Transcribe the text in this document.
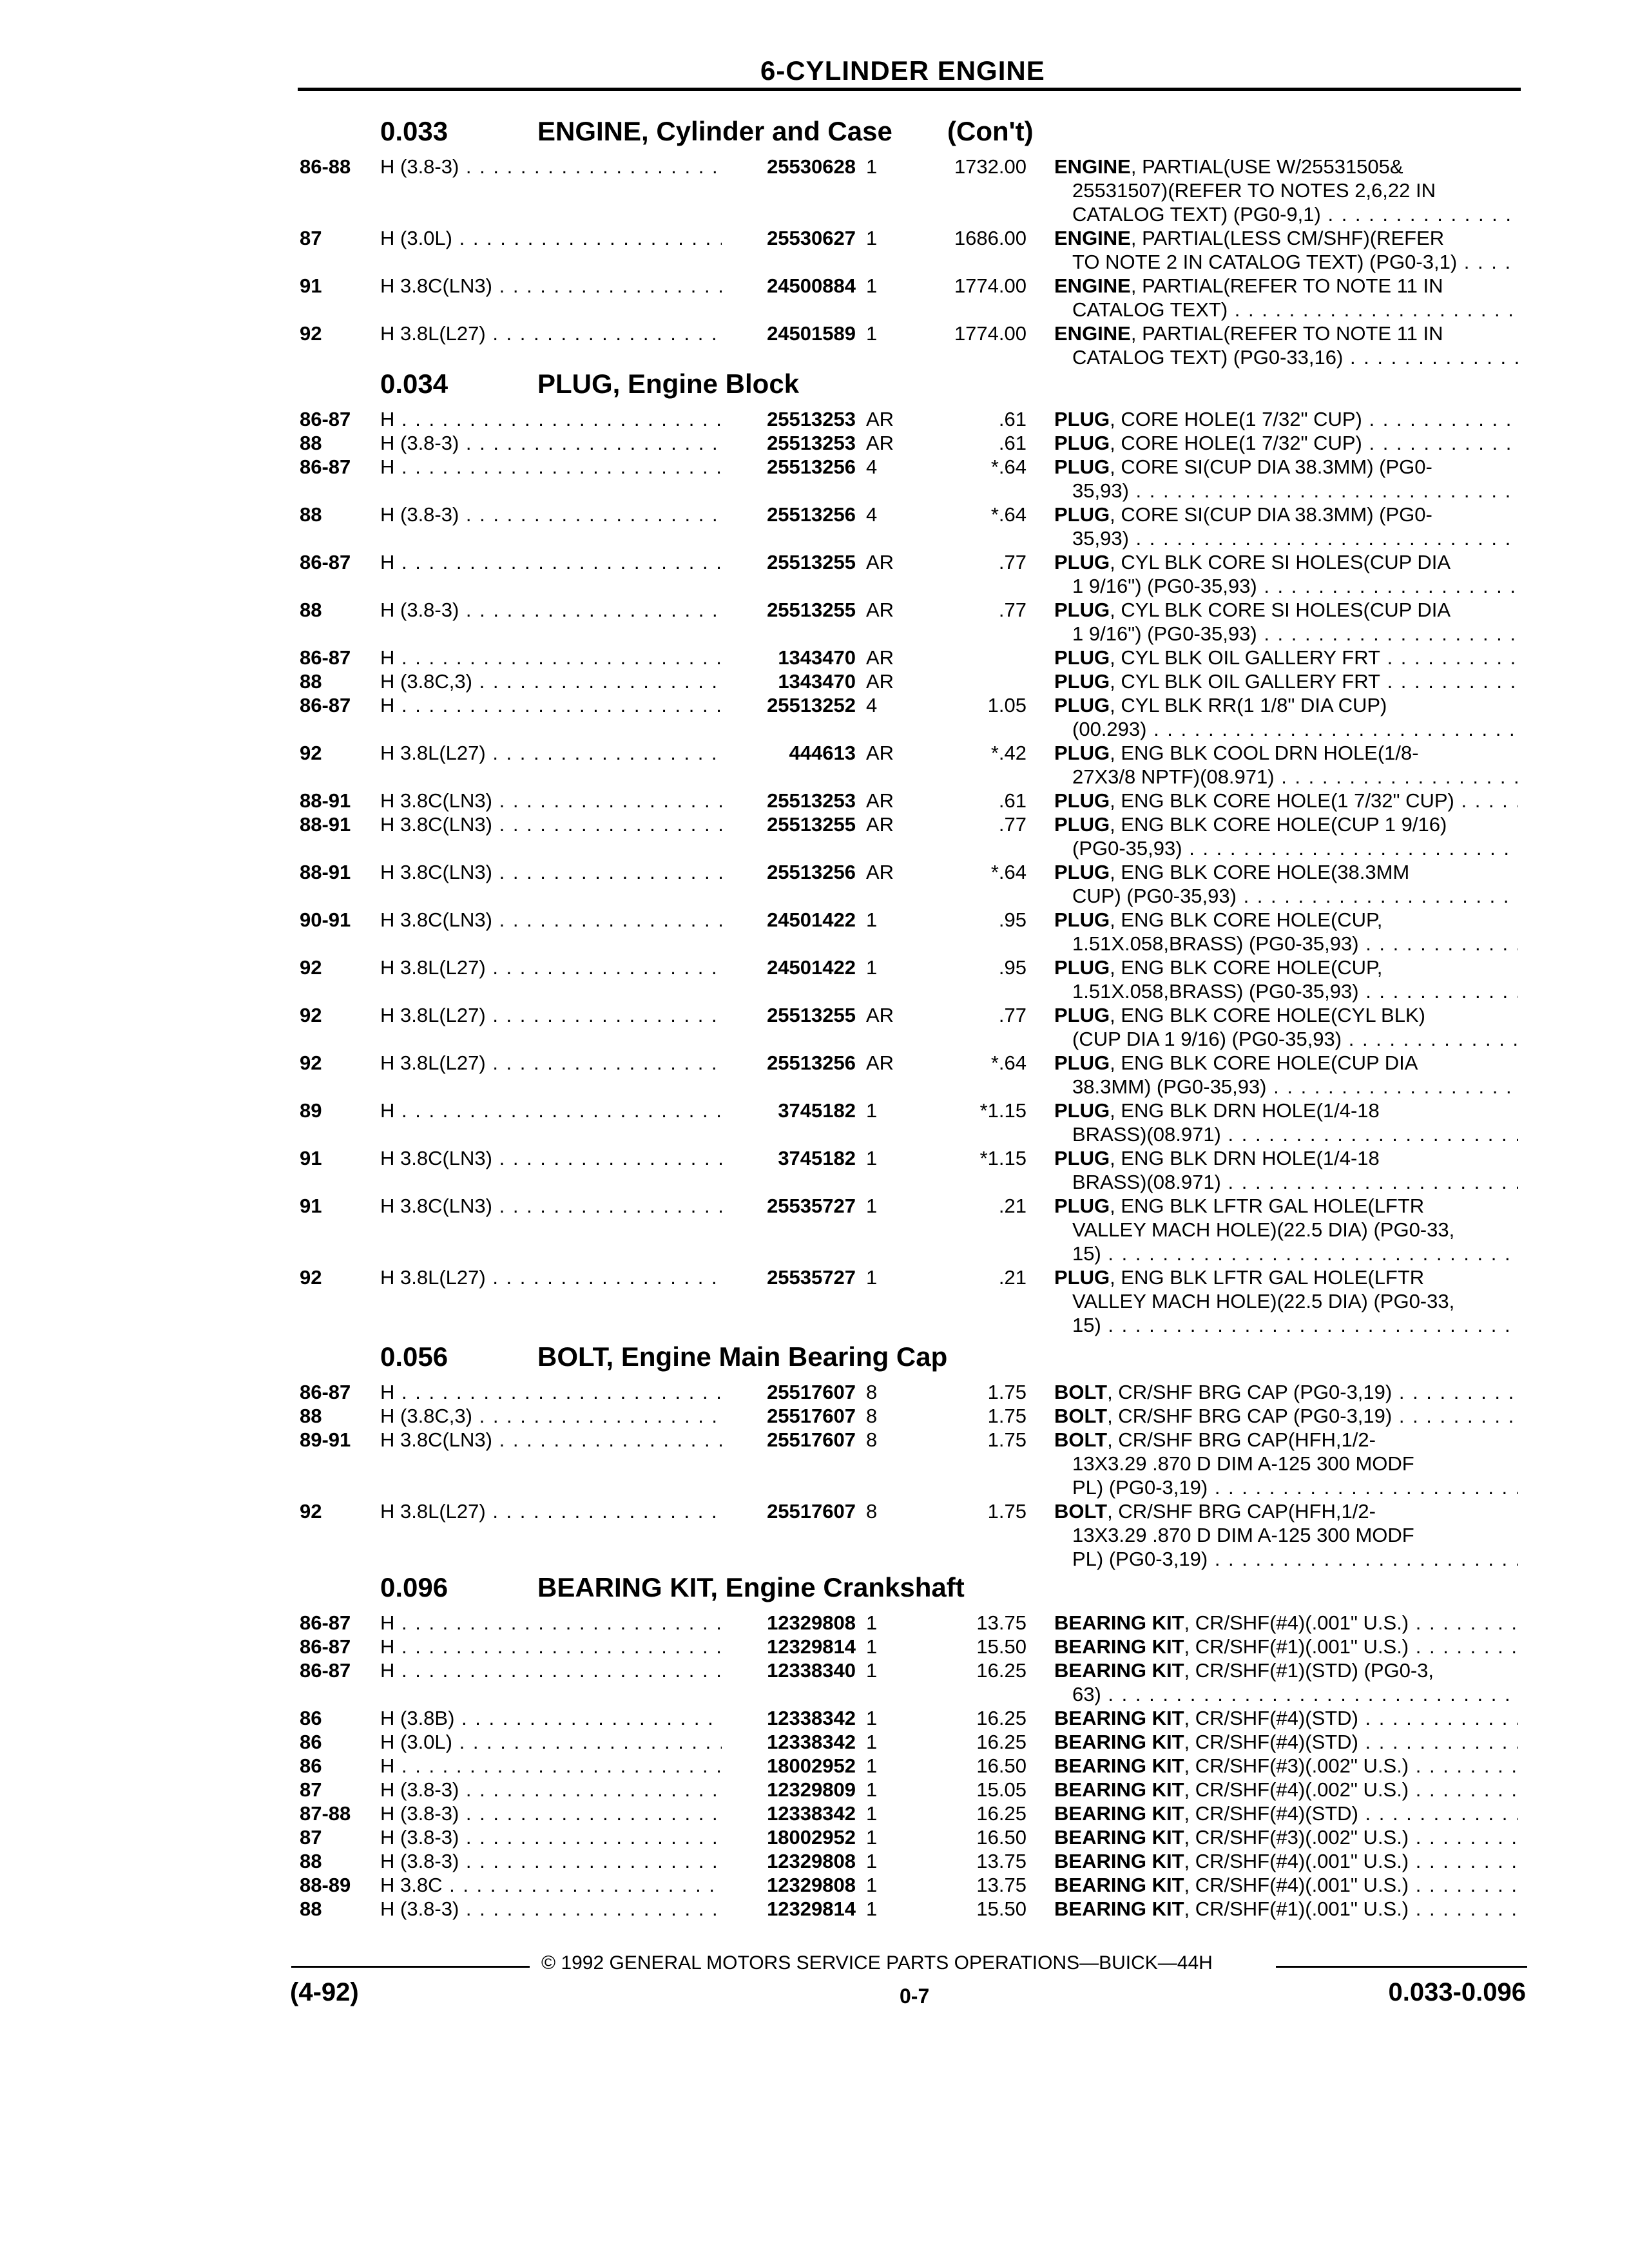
6-CYLINDER ENGINE
0.033	ENGINE, Cylinder and Case (Con't)
86-88 H (3.8-3) . . .	25530628 1	1732.00 ENGINE, PARTIAL(USE W/25531505&
25531507)(REFER TO NOTES 2,6,22 IN
CATALOG TEXT) (PG0-9,1) . . .
87	H (3.0L) . . .	25530627 1	1686.00 ENGINE, PARTIAL(LESS CM/SHF)(REFER
TO NOTE 2 IN CATALOG TEXT) (PG0-3,1) . . .
91	H 3.8C(LN3) . . .	24500884 1	1774.00 ENGINE, PARTIAL(REFER TO NOTE 11 IN
CATALOG TEXT) . . .
92	H 3.8L(L27) . . .	24501589 1	1774.00 ENGINE, PARTIAL(REFER TO NOTE 11 IN
CATALOG TEXT) (PG0-33,16) . . .
0.034	PLUG, Engine Block
86-87 H . . .	25513253 AR	.61 PLUG, CORE HOLE(1 7/32" CUP) . . .
88	H (3.8-3) . . .	25513253 AR	.61 PLUG, CORE HOLE(1 7/32" CUP) . . .
86-87 H . . .	25513256 4	*.64 PLUG, CORE SI(CUP DIA 38.3MM) (PG0-
35,93) . . .
88	H (3.8-3) . . .	25513256 4	*.64 PLUG, CORE SI(CUP DIA 38.3MM) (PG0-
35,93) . . .
86-87 H . . .	25513255 AR	.77 PLUG, CYL BLK CORE SI HOLES(CUP DIA
1 9/16") (PG0-35,93) . . .
88	H (3.8-3) . . .	25513255 AR	.77 PLUG, CYL BLK CORE SI HOLES(CUP DIA
1 9/16") (PG0-35,93) . . .
86-87 H . . .	1343470 AR	PLUG, CYL BLK OIL GALLERY FRT . . .
88	H (3.8C,3) . . .	1343470 AR	PLUG, CYL BLK OIL GALLERY FRT . . .
86-87 H . . .	25513252 4	1.05 PLUG, CYL BLK RR(1 1/8" DIA CUP)
(00.293) . . .
92	H 3.8L(L27) . . .	444613 AR	*.42 PLUG, ENG BLK COOL DRN HOLE(1/8-
27X3/8 NPTF)(08.971) . . .
88-91 H 3.8C(LN3) . . .	25513253 AR	.61 PLUG, ENG BLK CORE HOLE(1 7/32" CUP) . . .
88-91 H 3.8C(LN3) . . .	25513255 AR	.77 PLUG, ENG BLK CORE HOLE(CUP 1 9/16)
(PG0-35,93) . . .
88-91 H 3.8C(LN3) . . .	25513256 AR	*.64 PLUG, ENG BLK CORE HOLE(38.3MM
CUP) (PG0-35,93) . . .
90-91 H 3.8C(LN3) . . .	24501422 1	.95 PLUG, ENG BLK CORE HOLE(CUP,
1.51X.058,BRASS) (PG0-35,93) . . .
92	H 3.8L(L27) . . .	24501422 1	.95 PLUG, ENG BLK CORE HOLE(CUP,
1.51X.058,BRASS) (PG0-35,93) . . .
92	H 3.8L(L27) . . .	25513255 AR	.77 PLUG, ENG BLK CORE HOLE(CYL BLK)
(CUP DIA 1 9/16) (PG0-35,93) . . .
92	H 3.8L(L27) . . .	25513256 AR	*.64 PLUG, ENG BLK CORE HOLE(CUP DIA
38.3MM) (PG0-35,93) . . .
89	H . . .	3745182 1	*1.15 PLUG, ENG BLK DRN HOLE(1/4-18
BRASS)(08.971) . . .
91	H 3.8C(LN3) . . .	3745182 1	*1.15 PLUG, ENG BLK DRN HOLE(1/4-18
BRASS)(08.971) . . .
91	H 3.8C(LN3) . . .	25535727 1	.21 PLUG, ENG BLK LFTR GAL HOLE(LFTR
VALLEY MACH HOLE)(22.5 DIA) (PG0-33,
15) . . .
92	H 3.8L(L27) . . .	25535727 1	.21 PLUG, ENG BLK LFTR GAL HOLE(LFTR
VALLEY MACH HOLE)(22.5 DIA) (PG0-33,
15) . . .
0.056	BOLT, Engine Main Bearing Cap
86-87 H . . .	25517607 8	1.75 BOLT, CR/SHF BRG CAP (PG0-3,19) . . .
88	H (3.8C,3) . . .	25517607 8	1.75 BOLT, CR/SHF BRG CAP (PG0-3,19) . . .
89-91 H 3.8C(LN3) . . .	25517607 8	1.75 BOLT, CR/SHF BRG CAP(HFH,1/2-
13X3.29 .870 D DIM A-125 300 MODF
PL) (PG0-3,19) . . .
92	H 3.8L(L27) . . .	25517607 8	1.75 BOLT, CR/SHF BRG CAP(HFH,1/2-
13X3.29 .870 D DIM A-125 300 MODF
PL) (PG0-3,19) . . .
0.096	BEARING KIT, Engine Crankshaft
86-87 H . . .	12329808 1	13.75 BEARING KIT, CR/SHF(#4)(.001" U.S.) . . .
86-87 H . . .	12329814 1	15.50 BEARING KIT, CR/SHF(#1)(.001" U.S.) . . .
86-87 H . . .	12338340 1	16.25 BEARING KIT, CR/SHF(#1)(STD) (PG0-3,
63) . . .
86	H (3.8B) . . .	12338342 1	16.25 BEARING KIT, CR/SHF(#4)(STD) . . .
86	H (3.0L) . . .	12338342 1	16.25 BEARING KIT, CR/SHF(#4)(STD) . . .
86	H . . .	18002952 1	16.50 BEARING KIT, CR/SHF(#3)(.002" U.S.) . . .
87	H (3.8-3) . . .	12329809 1	15.05 BEARING KIT, CR/SHF(#4)(.002" U.S.) . . .
87-88 H (3.8-3) . . .	12338342 1	16.25 BEARING KIT, CR/SHF(#4)(STD) . . .
87	H (3.8-3) . . .	18002952 1	16.50 BEARING KIT, CR/SHF(#3)(.002" U.S.) . . .
88	H (3.8-3) . . .	12329808 1	13.75 BEARING KIT, CR/SHF(#4)(.001" U.S.) . . .
88-89 H 3.8C . . .	12329808 1	13.75 BEARING KIT, CR/SHF(#4)(.001" U.S.) . . .
88	H (3.8-3) . . .	12329814 1	15.50 BEARING KIT, CR/SHF(#1)(.001" U.S.) . . .
© 1992 GENERAL MOTORS SERVICE PARTS OPERATIONS—BUICK—44H
(4-92)	0-7	0.033-0.096
